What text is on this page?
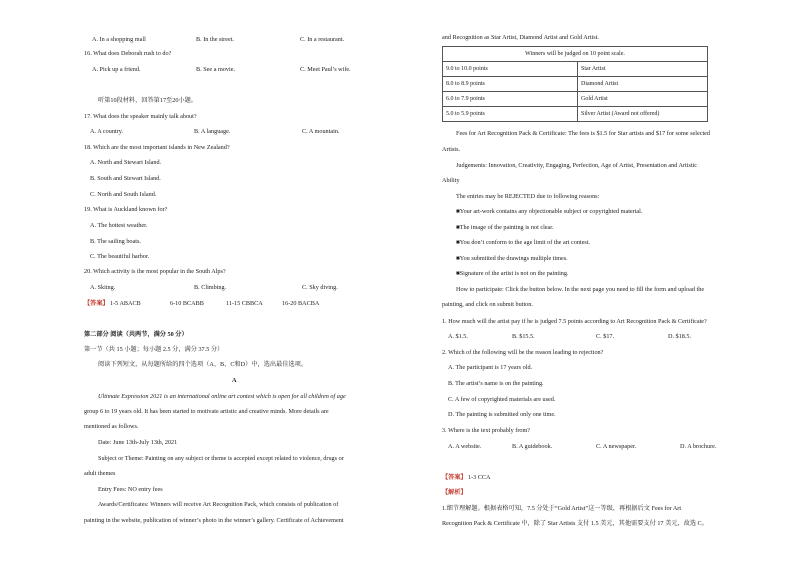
A. In a shopping mall	B. In the street.	C. In a restaurant.
16. What does Deborah rush to do?
A. Pick up a friend.	B. See a movie.	C. Meet Paul’s wife.
听第10段材料，回答第17至20小题。
17. What does the speaker mainly talk about?
A. A country.	B. A language.	C. A mountain.
18. Which are the most important islands in New Zealand?
A. North and Stewart Island.
B. South and Stewart Island.
C. North and South Island.
19. What is Auckland known for?
A. The hottest weather.
B. The sailing boats.
C. The beautiful harbor.
20. Which activity is the most popular in the South Alps?
A. Skiing.	B. Climbing.	C. Sky diving.
【答案】 1-5 ABACB	6-10 BCABB	11-15 CBBCA	16-20 BACBA
第二部分 阅读（共两节，满分 50 分）
第一节（共 15 小题；每小题 2.5 分，满分 37.5 分）
阅读下列短文，从每题所给的四个选项（A、B、C和D）中，选出最佳选项。
A
Ultimate Expression 2021 is an international online art contest which is open for all children of age
group 6 to 19 years old. It has been started to motivate artistic and creative minds. More details are
mentioned as follows.
Date: June 13th-July 13th, 2021
Subject or Theme: Painting on any subject or theme is accepted except related to violence, drugs or
adult themes
Entry Fees: NO entry fees
Awards/Certificates: Winners will receive Art Recognition Pack, which consists of publication of
painting in the website, publication of winner’s photo in the winner’s gallery. Certificate of Achievement
and Recognition as Star Artist, Diamond Artist and Gold Artist.
Winners will be judged on 10 point scale.	
9.0 to 10.0 points	Star Artist
8.0 to 8.9 points	Diamond Artist
6.0 to 7.9 points	Gold Artist
5.0 to 5.9 points	Silver Artist (Award not offered)
Fees for Art Recognition Pack & Certificate: The fees is $1.5 for Star artists and $17 for some selected
Artists.
Judgements: Innovation, Creativity, Engaging, Perfection, Age of Artist, Presentation and Artistic
Ability
The entries may be REJECTED due to following reasons:
■Your art-work contains any objectionable subject or copyrighted material.
■The image of the painting is not clear.
■You don’t conform to the age limit of the art contest.
■You submitted the drawings multiple times.
■Signature of the artist is not on the painting.
How to participate: Click the button below. In the next page you need to fill the form and upload the
painting, and click on submit button.
1. How much will the artist pay if he is judged 7.5 points according to Art Recognition Pack & Certificate?
A. $1.5.	B. $15.5.	C. $17.	D. $18.5.
2. Which of the following will be the reason leading to rejection?
A. The participant is 17 years old.
B. The artist’s name is on the painting.
C. A few of copyrighted materials are used.
D. The painting is submitted only one time.
3. Where is the text probably from?
A. A website.	B. A guidebook.	C. A newspaper.	D. A brochure.
【答案】 1-3 CCA
【解析】
1.细节理解题。根据表格可知，7.5 分处于“Gold Artist”这一等级，再根据后文 Fees for Art
Recognition Pack & Certificate 中，除了 Star Artists 支付 1.5 美元，其他需要支付 17 美元，故选 C。
